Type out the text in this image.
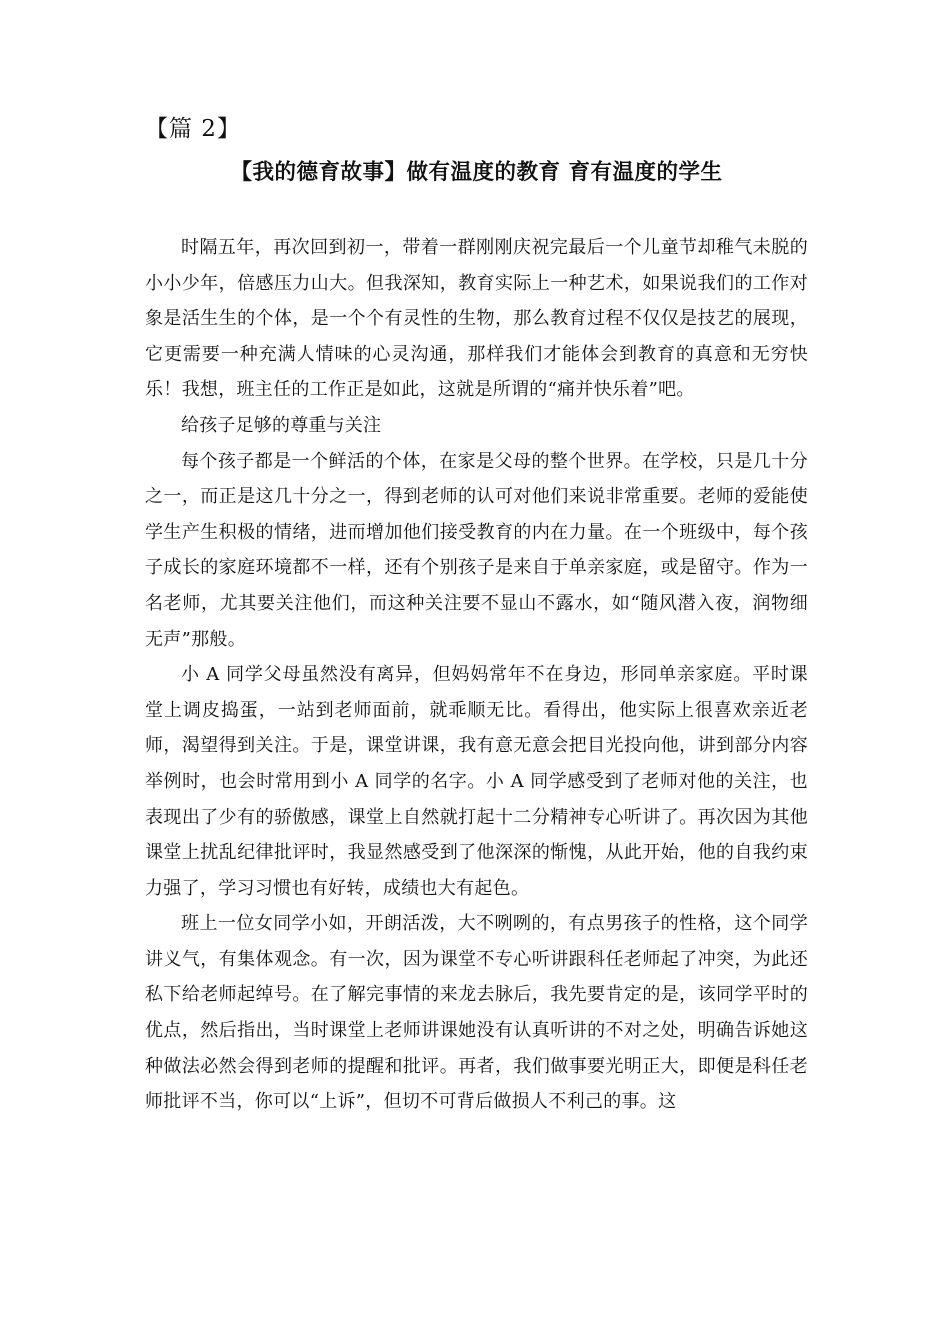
【篇 2】
【我的德育故事】做有温度的教育 育有温度的学生

时隔五年，再次回到初一，带着一群刚刚庆祝完最后一个儿童节却稚气未脱的小小少年，倍感压力山大。但我深知，教育实际上一种艺术，如果说我们的工作对象是活生生的个体，是一个个有灵性的生物，那么教育过程不仅仅是技艺的展现，它更需要一种充满人情味的心灵沟通，那样我们才能体会到教育的真意和无穷快乐！我想，班主任的工作正是如此，这就是所谓的“痛并快乐着”吧。

给孩子足够的尊重与关注

每个孩子都是一个鲜活的个体，在家是父母的整个世界。在学校，只是几十分之一，而正是这几十分之一，得到老师的认可对他们来说非常重要。老师的爱能使学生产生积极的情绪，进而增加他们接受教育的内在力量。在一个班级中，每个孩子成长的家庭环境都不一样，还有个别孩子是来自于单亲家庭，或是留守。作为一名老师，尤其要关注他们，而这种关注要不显山不露水，如“随风潜入夜，润物细无声”那般。

小 A 同学父母虽然没有离异，但妈妈常年不在身边，形同单亲家庭。平时课堂上调皮捣蛋，一站到老师面前，就乖顺无比。看得出，他实际上很喜欢亲近老师，渴望得到关注。于是，课堂讲课，我有意无意会把目光投向他，讲到部分内容举例时，也会时常用到小 A 同学的名字。小 A 同学感受到了老师对他的关注，也表现出了少有的骄傲感，课堂上自然就打起十二分精神专心听讲了。再次因为其他课堂上扰乱纪律批评时，我显然感受到了他深深的惭愧，从此开始，他的自我约束力强了，学习习惯也有好转，成绩也大有起色。

班上一位女同学小如，开朗活泼，大不咧咧的，有点男孩子的性格，这个同学讲义气，有集体观念。有一次，因为课堂不专心听讲跟科任老师起了冲突，为此还私下给老师起绰号。在了解完事情的来龙去脉后，我先要肯定的是，该同学平时的优点，然后指出，当时课堂上老师讲课她没有认真听讲的不对之处，明确告诉她这种做法必然会得到老师的提醒和批评。再者，我们做事要光明正大，即便是科任老师批评不当，你可以“上诉”，但切不可背后做损人不利己的事。这
